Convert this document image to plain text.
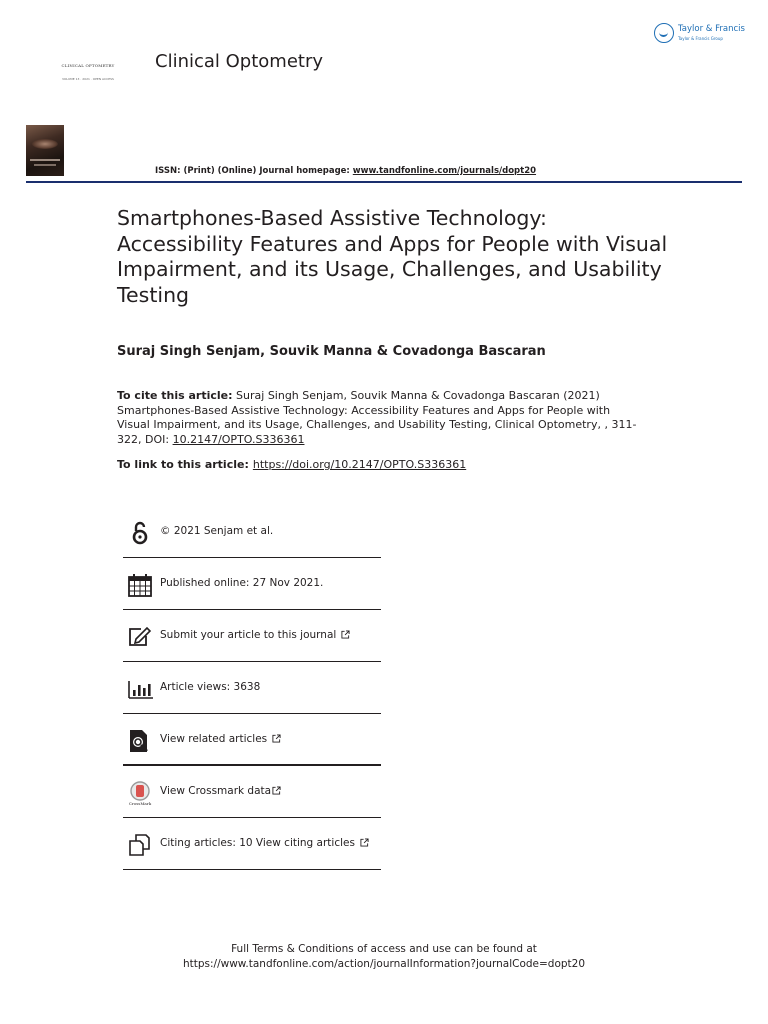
CLINICAL OPTOMETRY
VOLUME 13 · 2021 · OPEN ACCESS
Clinical Optometry
Taylor & Francis
Taylor & Francis Group
ISSN: (Print) (Online) Journal homepage: www.tandfonline.com/journals/dopt20
Smartphones-Based Assistive Technology: Accessibility Features and Apps for People with Visual Impairment, and its Usage, Challenges, and Usability Testing
Suraj Singh Senjam, Souvik Manna & Covadonga Bascaran
To cite this article: Suraj Singh Senjam, Souvik Manna & Covadonga Bascaran (2021) Smartphones-Based Assistive Technology: Accessibility Features and Apps for People with Visual Impairment, and its Usage, Challenges, and Usability Testing, Clinical Optometry, , 311-322, DOI: 10.2147/OPTO.S336361
To link to this article: https://doi.org/10.2147/OPTO.S336361
© 2021 Senjam et al.
Published online: 27 Nov 2021.
Submit your article to this journal
Article views: 3638
View related articles
CrossMark
View Crossmark data
Citing articles: 10 View citing articles
Full Terms & Conditions of access and use can be found at
https://www.tandfonline.com/action/journalInformation?journalCode=dopt20
